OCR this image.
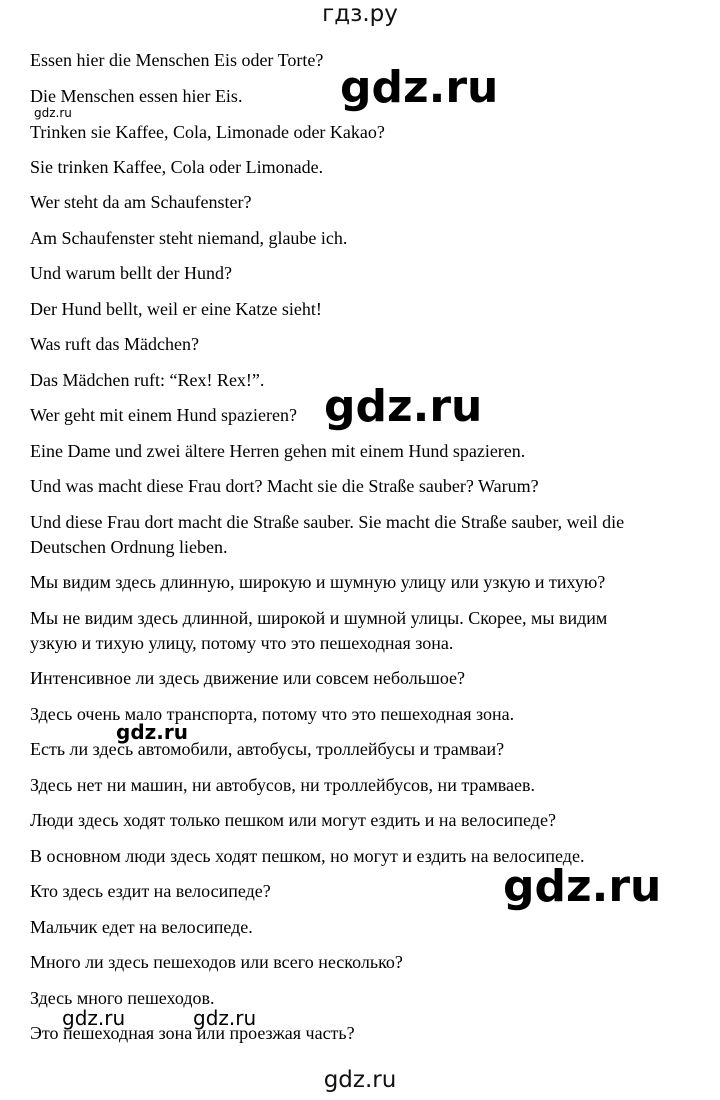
гдз.ру
Essen hier die Menschen Eis oder Torte?
Die Menschen essen hier Eis.
Trinken sie Kaffee, Cola, Limonade oder Kakao?
Sie trinken Kaffee, Cola oder Limonade.
Wer steht da am Schaufenster?
Am Schaufenster steht niemand, glaube ich.
Und warum bellt der Hund?
Der Hund bellt, weil er eine Katze sieht!
Was ruft das Mädchen?
Das Mädchen ruft: “Rex! Rex!”.
Wer geht mit einem Hund spazieren?
Eine Dame und zwei ältere Herren gehen mit einem Hund spazieren.
Und was macht diese Frau dort? Macht sie die Straße sauber? Warum?
Und diese Frau dort macht die Straße sauber. Sie macht die Straße sauber, weil die
Deutschen Ordnung lieben.
Мы видим здесь длинную, широкую и шумную улицу или узкую и тихую?
Мы не видим здесь длинной, широкой и шумной улицы. Скорее, мы видим
узкую и тихую улицу, потому что это пешеходная зона.
Интенсивное ли здесь движение или совсем небольшое?
Здесь очень мало транспорта, потому что это пешеходная зона.
Есть ли здесь автомобили, автобусы, троллейбусы и трамваи?
Здесь нет ни машин, ни автобусов, ни троллейбусов, ни трамваев.
Люди здесь ходят только пешком или могут ездить и на велосипеде?
В основном люди здесь ходят пешком, но могут и ездить на велосипеде.
Кто здесь ездит на велосипеде?
Мальчик едет на велосипеде.
Много ли здесь пешеходов или всего несколько?
Здесь много пешеходов.
Это пешеходная зона или проезжая часть?
gdz.ru
gdz.ru
gdz.ru
gdz.ru
gdz.ru
gdz.ru	gdz.ru
gdz.ru
